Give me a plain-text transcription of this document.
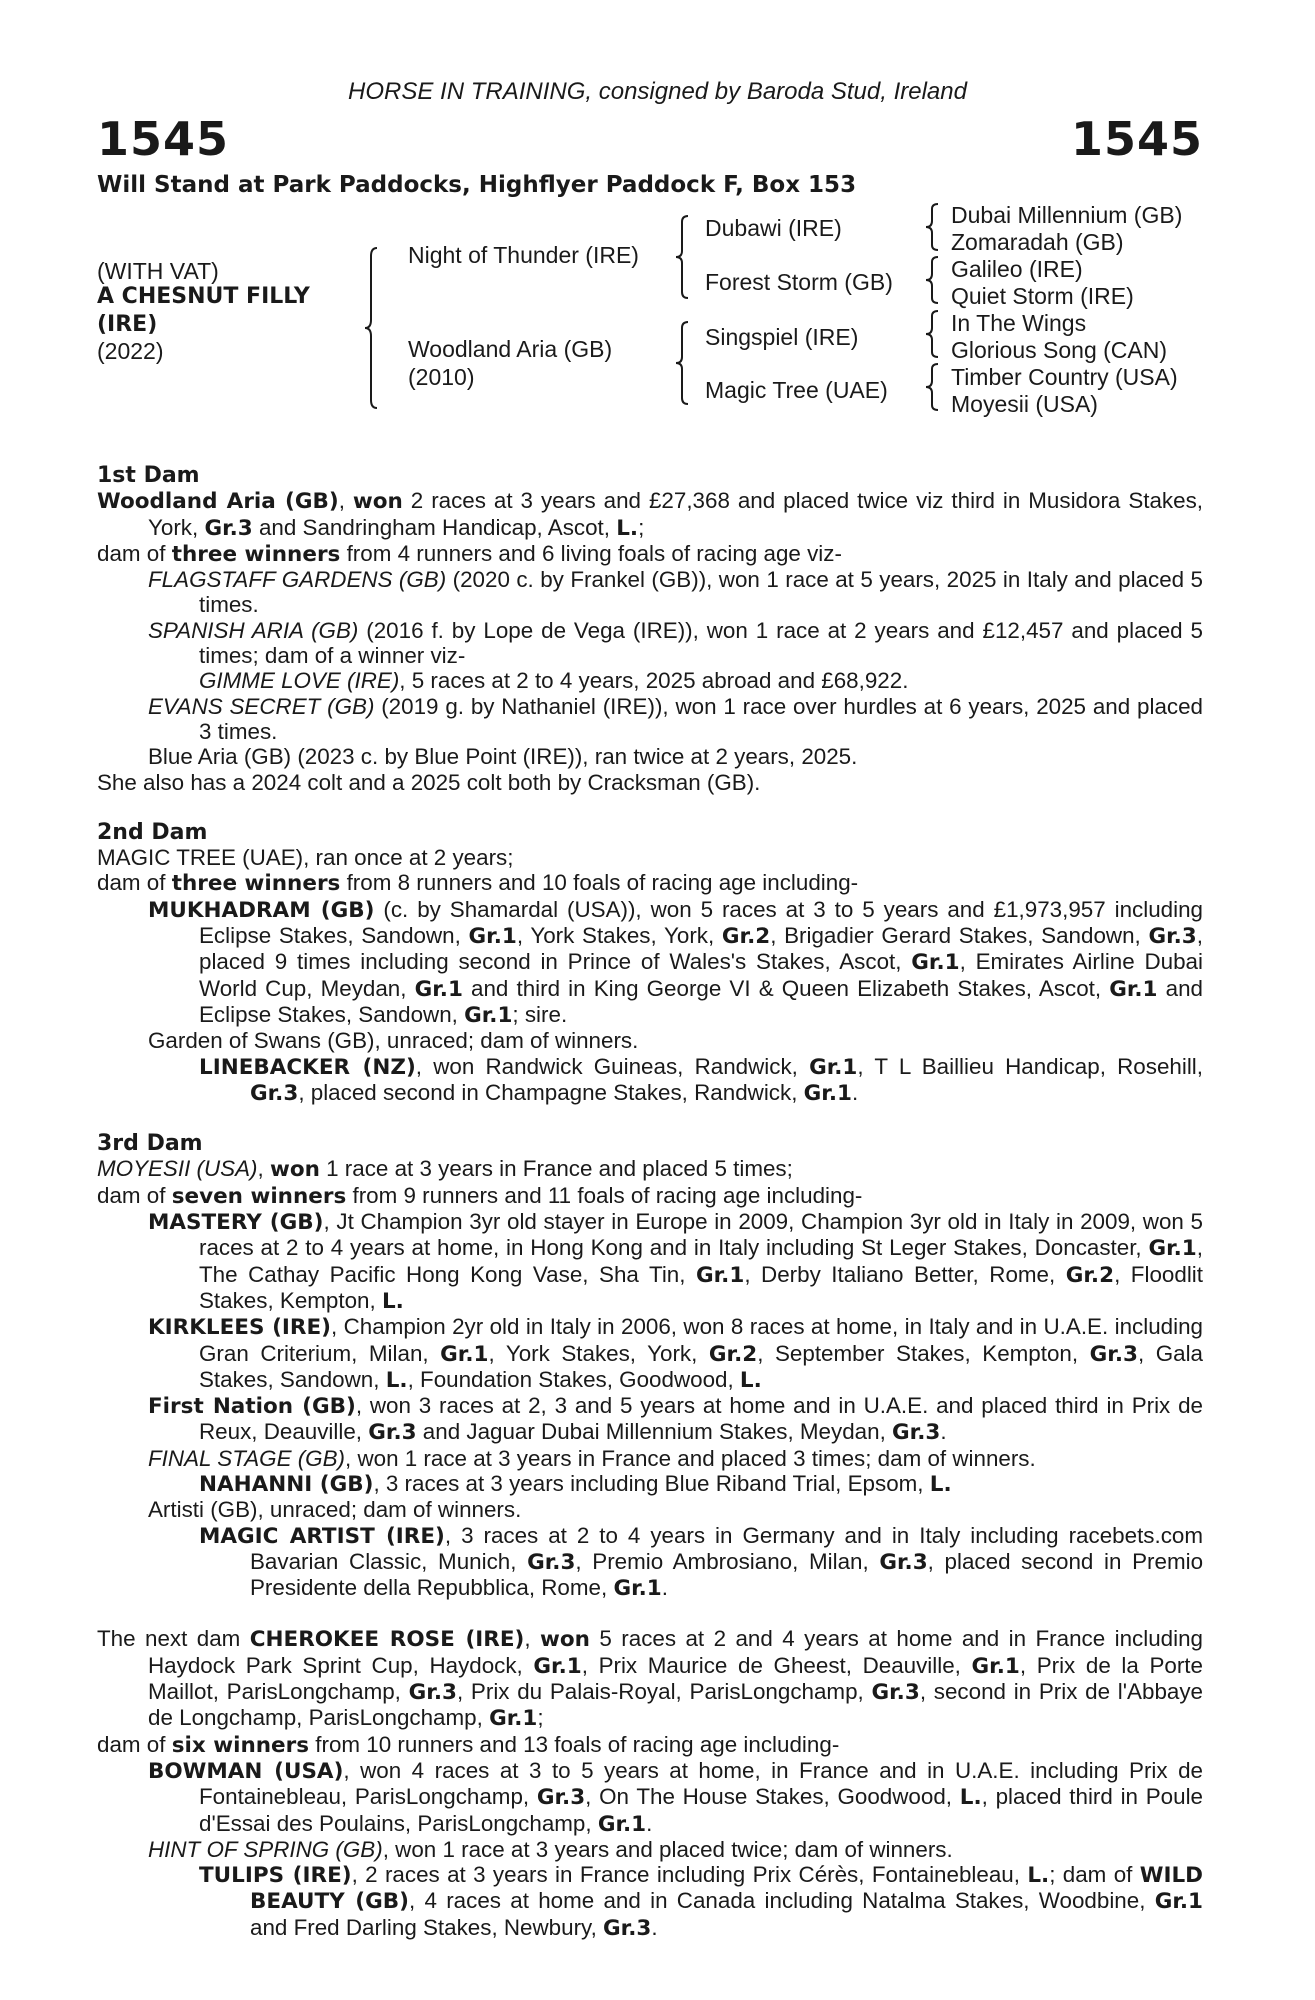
HORSE IN TRAINING, consigned by Baroda Stud, Ireland
1545	1545
Will Stand at Park Paddocks, Highflyer Paddock F, Box 153
(WITH VAT)
A CHESNUT FILLY
(IRE)
(2022)
Night of Thunder (IRE)
Woodland Aria (GB)
(2010)
Dubawi (IRE)
Forest Storm (GB)
Singspiel (IRE)
Magic Tree (UAE)
Dubai Millennium (GB)
Zomaradah (GB)
Galileo (IRE)
Quiet Storm (IRE)
In The Wings
Glorious Song (CAN)
Timber Country (USA)
Moyesii (USA)
1st Dam
Woodland Aria (GB), won 2 races at 3 years and £27,368 and placed twice viz third in Musidora Stakes, York, Gr.3 and Sandringham Handicap, Ascot, L.;
dam of three winners from 4 runners and 6 living foals of racing age viz-
FLAGSTAFF GARDENS (GB) (2020 c. by Frankel (GB)), won 1 race at 5 years, 2025 in Italy and placed 5 times.
SPANISH ARIA (GB) (2016 f. by Lope de Vega (IRE)), won 1 race at 2 years and £12,457 and placed 5 times; dam of a winner viz-
GIMME LOVE (IRE), 5 races at 2 to 4 years, 2025 abroad and £68,922.
EVANS SECRET (GB) (2019 g. by Nathaniel (IRE)), won 1 race over hurdles at 6 years, 2025 and placed 3 times.
Blue Aria (GB) (2023 c. by Blue Point (IRE)), ran twice at 2 years, 2025.
She also has a 2024 colt and a 2025 colt both by Cracksman (GB).
2nd Dam
MAGIC TREE (UAE), ran once at 2 years;
dam of three winners from 8 runners and 10 foals of racing age including-
MUKHADRAM (GB) (c. by Shamardal (USA)), won 5 races at 3 to 5 years and £1,973,957 including Eclipse Stakes, Sandown, Gr.1, York Stakes, York, Gr.2, Brigadier Gerard Stakes, Sandown, Gr.3, placed 9 times including second in Prince of Wales's Stakes, Ascot, Gr.1, Emirates Airline Dubai World Cup, Meydan, Gr.1 and third in King George VI & Queen Elizabeth Stakes, Ascot, Gr.1 and Eclipse Stakes, Sandown, Gr.1; sire.
Garden of Swans (GB), unraced; dam of winners.
LINEBACKER (NZ), won Randwick Guineas, Randwick, Gr.1, T L Baillieu Handicap, Rosehill, Gr.3, placed second in Champagne Stakes, Randwick, Gr.1.
3rd Dam
MOYESII (USA), won 1 race at 3 years in France and placed 5 times;
dam of seven winners from 9 runners and 11 foals of racing age including-
MASTERY (GB), Jt Champion 3yr old stayer in Europe in 2009, Champion 3yr old in Italy in 2009, won 5 races at 2 to 4 years at home, in Hong Kong and in Italy including St Leger Stakes, Doncaster, Gr.1, The Cathay Pacific Hong Kong Vase, Sha Tin, Gr.1, Derby Italiano Better, Rome, Gr.2, Floodlit Stakes, Kempton, L.
KIRKLEES (IRE), Champion 2yr old in Italy in 2006, won 8 races at home, in Italy and in U.A.E. including Gran Criterium, Milan, Gr.1, York Stakes, York, Gr.2, September Stakes, Kempton, Gr.3, Gala Stakes, Sandown, L., Foundation Stakes, Goodwood, L.
First Nation (GB), won 3 races at 2, 3 and 5 years at home and in U.A.E. and placed third in Prix de Reux, Deauville, Gr.3 and Jaguar Dubai Millennium Stakes, Meydan, Gr.3.
FINAL STAGE (GB), won 1 race at 3 years in France and placed 3 times; dam of winners.
NAHANNI (GB), 3 races at 3 years including Blue Riband Trial, Epsom, L.
Artisti (GB), unraced; dam of winners.
MAGIC ARTIST (IRE), 3 races at 2 to 4 years in Germany and in Italy including racebets.com Bavarian Classic, Munich, Gr.3, Premio Ambrosiano, Milan, Gr.3, placed second in Premio Presidente della Repubblica, Rome, Gr.1.
The next dam CHEROKEE ROSE (IRE), won 5 races at 2 and 4 years at home and in France including Haydock Park Sprint Cup, Haydock, Gr.1, Prix Maurice de Gheest, Deauville, Gr.1, Prix de la Porte Maillot, ParisLongchamp, Gr.3, Prix du Palais-Royal, ParisLongchamp, Gr.3, second in Prix de l'Abbaye de Longchamp, ParisLongchamp, Gr.1;
dam of six winners from 10 runners and 13 foals of racing age including-
BOWMAN (USA), won 4 races at 3 to 5 years at home, in France and in U.A.E. including Prix de Fontainebleau, ParisLongchamp, Gr.3, On The House Stakes, Goodwood, L., placed third in Poule d'Essai des Poulains, ParisLongchamp, Gr.1.
HINT OF SPRING (GB), won 1 race at 3 years and placed twice; dam of winners.
TULIPS (IRE), 2 races at 3 years in France including Prix Cérès, Fontainebleau, L.; dam of WILD BEAUTY (GB), 4 races at home and in Canada including Natalma Stakes, Woodbine, Gr.1 and Fred Darling Stakes, Newbury, Gr.3.
